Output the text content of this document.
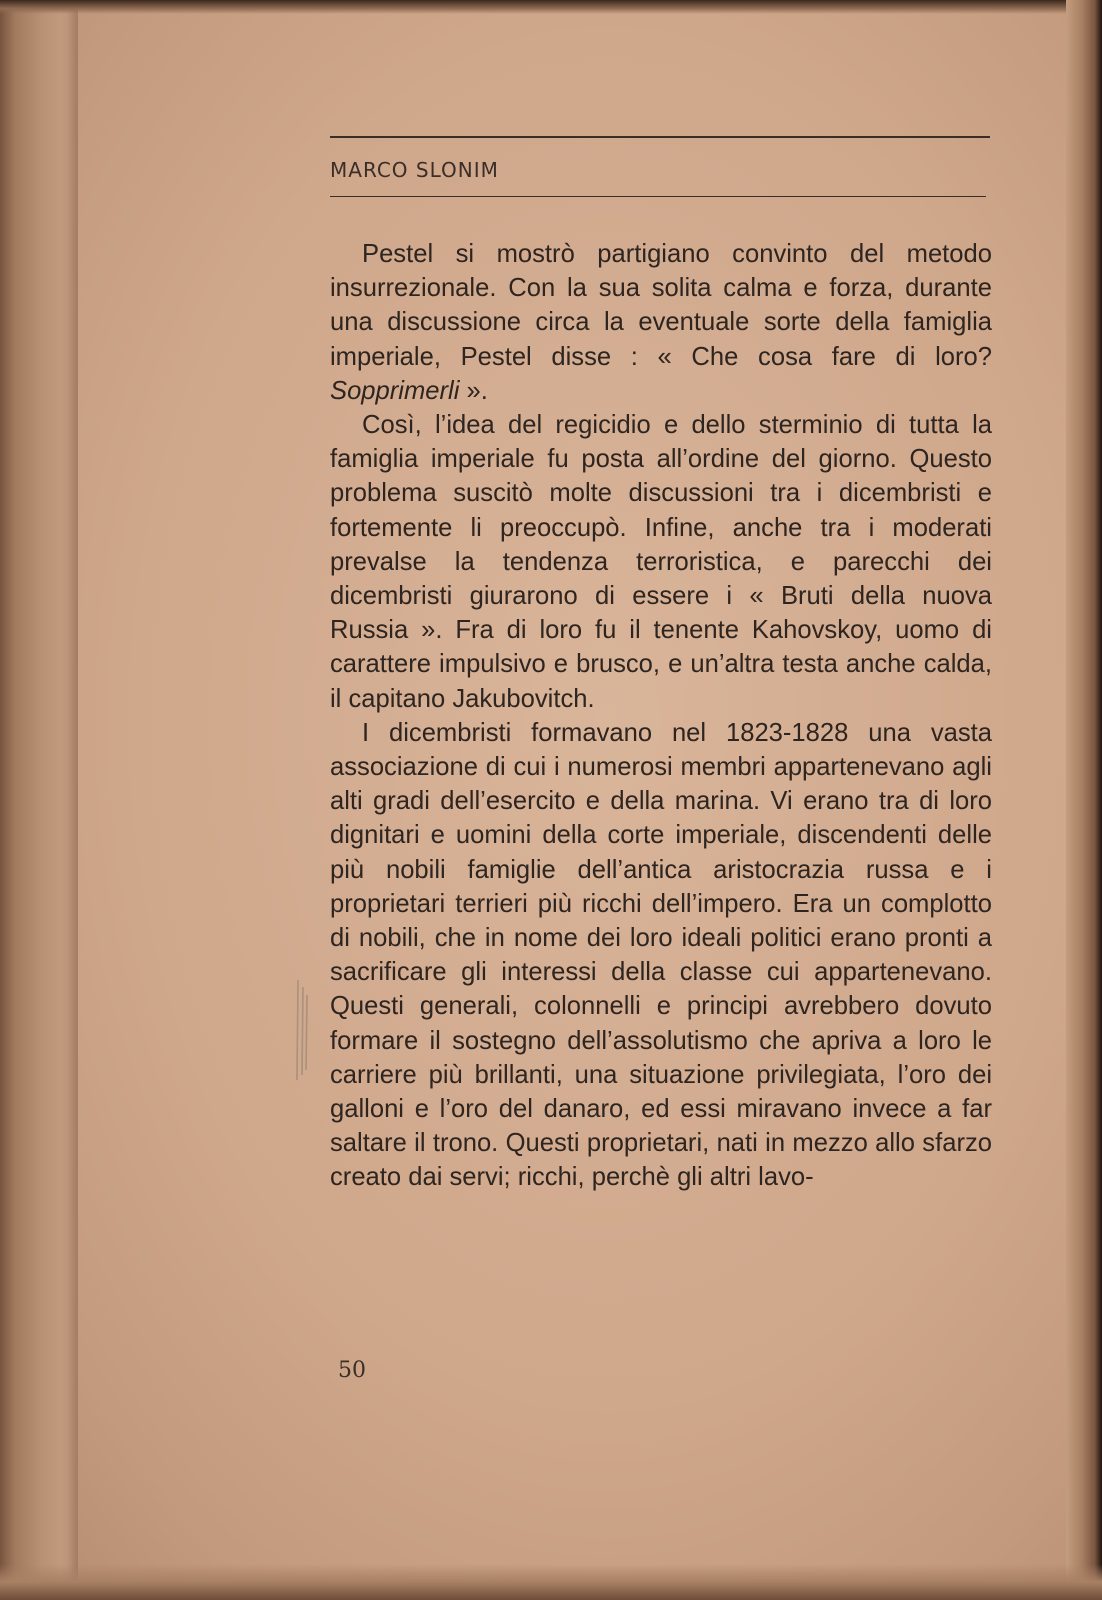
MARCO SLONIM

Pestel si mostrò partigiano convinto del metodo insurrezionale. Con la sua solita calma e forza, durante una discussione circa la eventuale sorte della famiglia imperiale, Pestel disse : « Che cosa fare di loro? Sopprimerli ».

Così, l’idea del regicidio e dello sterminio di tutta la famiglia imperiale fu posta all’ordine del giorno. Questo problema suscitò molte discussioni tra i dicembristi e fortemente li preoccupò. Infine, anche tra i moderati prevalse la tendenza terroristica, e parecchi dei dicembristi giurarono di essere i « Bruti della nuova Russia ». Fra di loro fu il tenente Kahovskoy, uomo di carattere impulsivo e brusco, e un’altra testa anche calda, il capitano Jakubovitch.

I dicembristi formavano nel 1823-1828 una vasta associazione di cui i numerosi membri appartenevano agli alti gradi dell’esercito e della marina. Vi erano tra di loro dignitari e uomini della corte imperiale, discendenti delle più nobili famiglie dell’antica aristocrazia russa e i proprietari terrieri più ricchi dell’impero. Era un complotto di nobili, che in nome dei loro ideali politici erano pronti a sacrificare gli interessi della classe cui appartenevano. Questi generali, colonnelli e principi avrebbero dovuto formare il sostegno dell’assolutismo che apriva a loro le carriere più brillanti, una situazione privilegiata, l’oro dei galloni e l’oro del danaro, ed essi miravano invece a far saltare il trono. Questi proprietari, nati in mezzo allo sfarzo creato dai servi; ricchi, perchè gli altri lavo-

50
